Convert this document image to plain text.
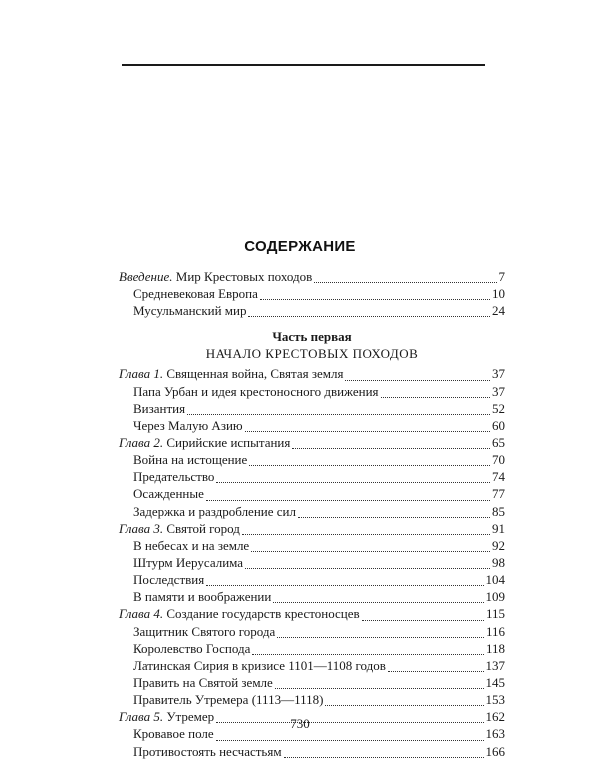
СОДЕРЖАНИЕ
Введение. Мир Крестовых походов	7
Средневековая Европа	10
Мусульманский мир	24
Часть первая
НАЧАЛО КРЕСТОВЫХ ПОХОДОВ
Глава 1. Священная война, Святая земля	37
Папа Урбан и идея крестоносного движения	37
Византия	52
Через Малую Азию	60
Глава 2. Сирийские испытания	65
Война на истощение	70
Предательство	74
Осажденные	77
Задержка и раздробление сил	85
Глава 3. Святой город	91
В небесах и на земле	92
Штурм Иерусалима	98
Последствия	104
В памяти и воображении	109
Глава 4. Создание государств крестоносцев	115
Защитник Святого города	116
Королевство Господа	118
Латинская Сирия в кризисе 1101—1108 годов	137
Править на Святой земле	145
Правитель Утремера (1113—1118)	153
Глава 5. Утремер	162
Кровавое поле	163
Противостоять несчастьям	166
730
